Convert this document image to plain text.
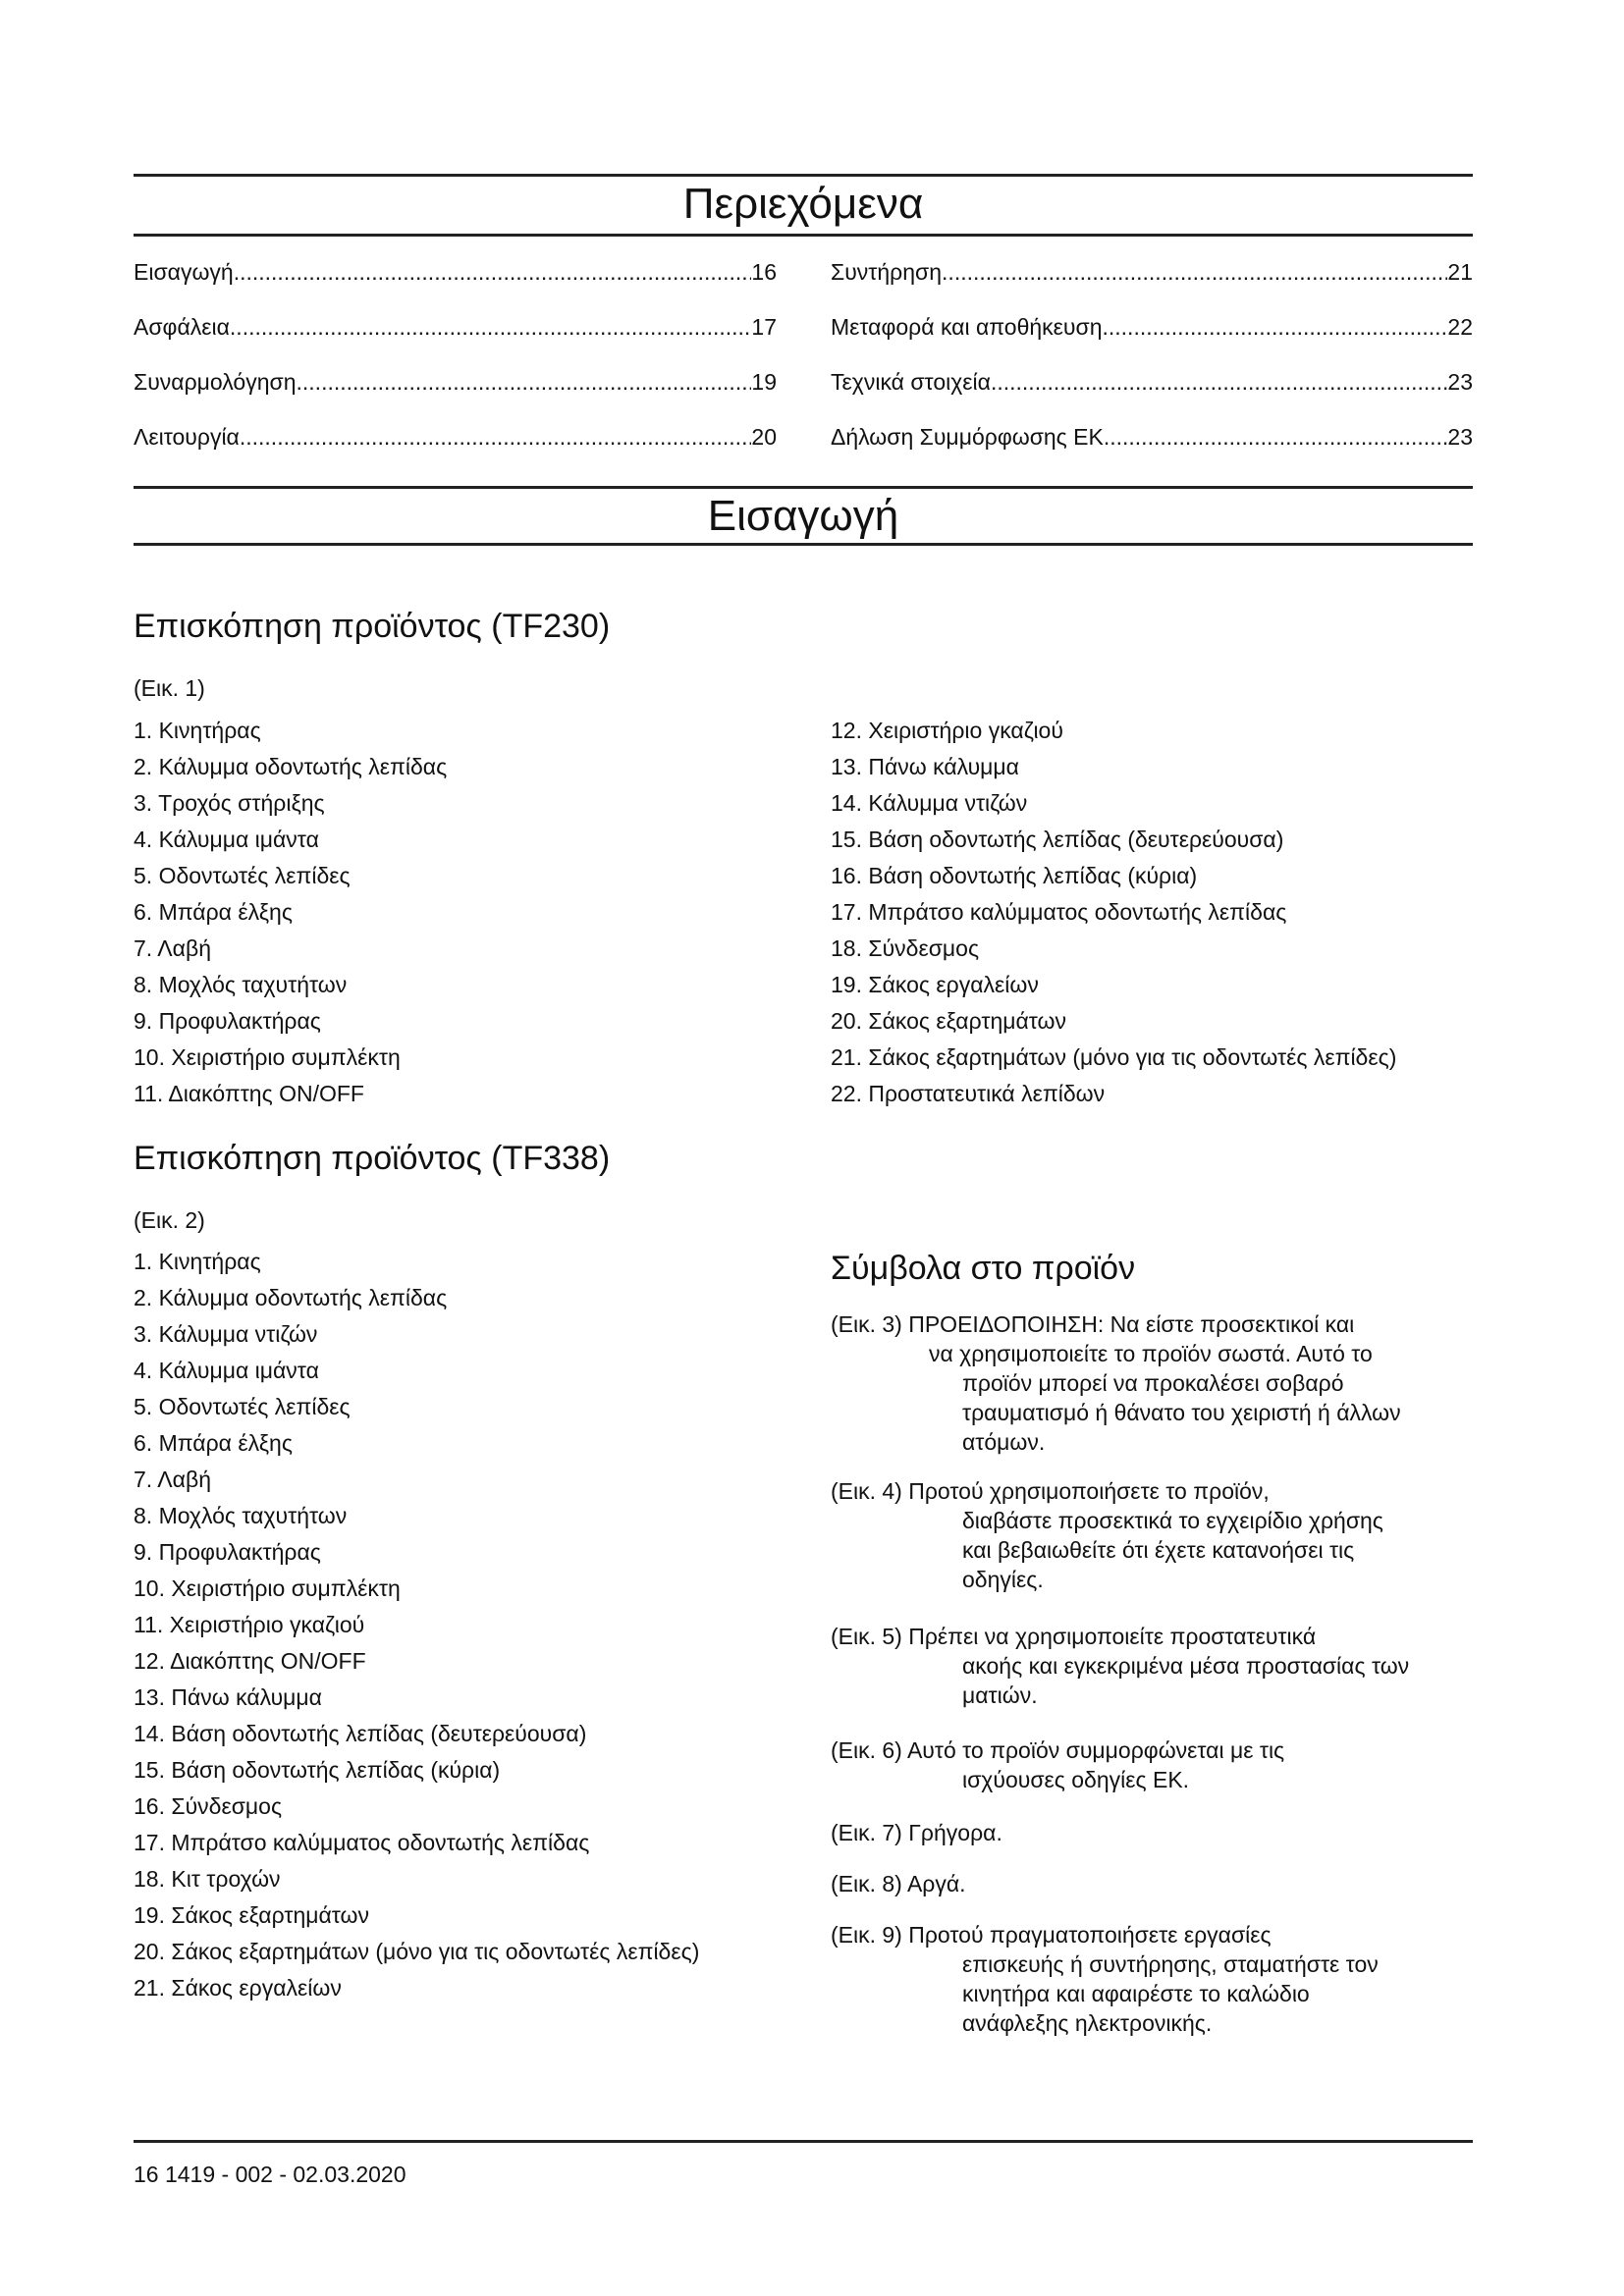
Περιεχόμενα
Εισαγωγή .....	16
Ασφάλεια .....	17
Συναρμολόγηση .....	19
Λειτουργία .....	20
Συντήρηση .....	21
Μεταφορά και αποθήκευση .....	22
Τεχνικά στοιχεία .....	23
Δήλωση Συμμόρφωσης ΕΚ .....	23
Εισαγωγή
Επισκόπηση προϊόντος (TF230)
(Εικ. 1)
1. Κινητήρας
2. Κάλυμμα οδοντωτής λεπίδας
3. Τροχός στήριξης
4. Κάλυμμα ιμάντα
5. Οδοντωτές λεπίδες
6. Μπάρα έλξης
7. Λαβή
8. Μοχλός ταχυτήτων
9. Προφυλακτήρας
10. Χειριστήριο συμπλέκτη
11. Διακόπτης ON/OFF
12. Χειριστήριο γκαζιού
13. Πάνω κάλυμμα
14. Κάλυμμα ντιζών
15. Βάση οδοντωτής λεπίδας (δευτερεύουσα)
16. Βάση οδοντωτής λεπίδας (κύρια)
17. Μπράτσο καλύμματος οδοντωτής λεπίδας
18. Σύνδεσμος
19. Σάκος εργαλείων
20. Σάκος εξαρτημάτων
21. Σάκος εξαρτημάτων (μόνο για τις οδοντωτές λεπίδες)
22. Προστατευτικά λεπίδων
Επισκόπηση προϊόντος (TF338)
(Εικ. 2)
1. Κινητήρας
2. Κάλυμμα οδοντωτής λεπίδας
3. Κάλυμμα ντιζών
4. Κάλυμμα ιμάντα
5. Οδοντωτές λεπίδες
6. Μπάρα έλξης
7. Λαβή
8. Μοχλός ταχυτήτων
9. Προφυλακτήρας
10. Χειριστήριο συμπλέκτη
11. Χειριστήριο γκαζιού
12. Διακόπτης ON/OFF
13. Πάνω κάλυμμα
14. Βάση οδοντωτής λεπίδας (δευτερεύουσα)
15. Βάση οδοντωτής λεπίδας (κύρια)
16. Σύνδεσμος
17. Μπράτσο καλύμματος οδοντωτής λεπίδας
18. Κιτ τροχών
19. Σάκος εξαρτημάτων
20. Σάκος εξαρτημάτων (μόνο για τις οδοντωτές λεπίδες)
21. Σάκος εργαλείων
Σύμβολα στο προϊόν
(Εικ. 3) ΠΡΟΕΙΔΟΠΟΙΗΣΗ: Να είστε προσεκτικοί και
να χρησιμοποιείτε το προϊόν σωστά. Αυτό το
προϊόν μπορεί να προκαλέσει σοβαρό
τραυματισμό ή θάνατο του χειριστή ή άλλων
ατόμων.
(Εικ. 4) Προτού χρησιμοποιήσετε το προϊόν,
διαβάστε προσεκτικά το εγχειρίδιο χρήσης
και βεβαιωθείτε ότι έχετε κατανοήσει τις
οδηγίες.
(Εικ. 5) Πρέπει να χρησιμοποιείτε προστατευτικά
ακοής και εγκεκριμένα μέσα προστασίας των
ματιών.
(Εικ. 6) Αυτό το προϊόν συμμορφώνεται με τις
ισχύουσες οδηγίες ΕΚ.
(Εικ. 7) Γρήγορα.
(Εικ. 8) Αργά.
(Εικ. 9) Προτού πραγματοποιήσετε εργασίες
επισκευής ή συντήρησης, σταματήστε τον
κινητήρα και αφαιρέστε το καλώδιο
ανάφλεξης ηλεκτρονικής.
16 1419 - 002 - 02.03.2020
